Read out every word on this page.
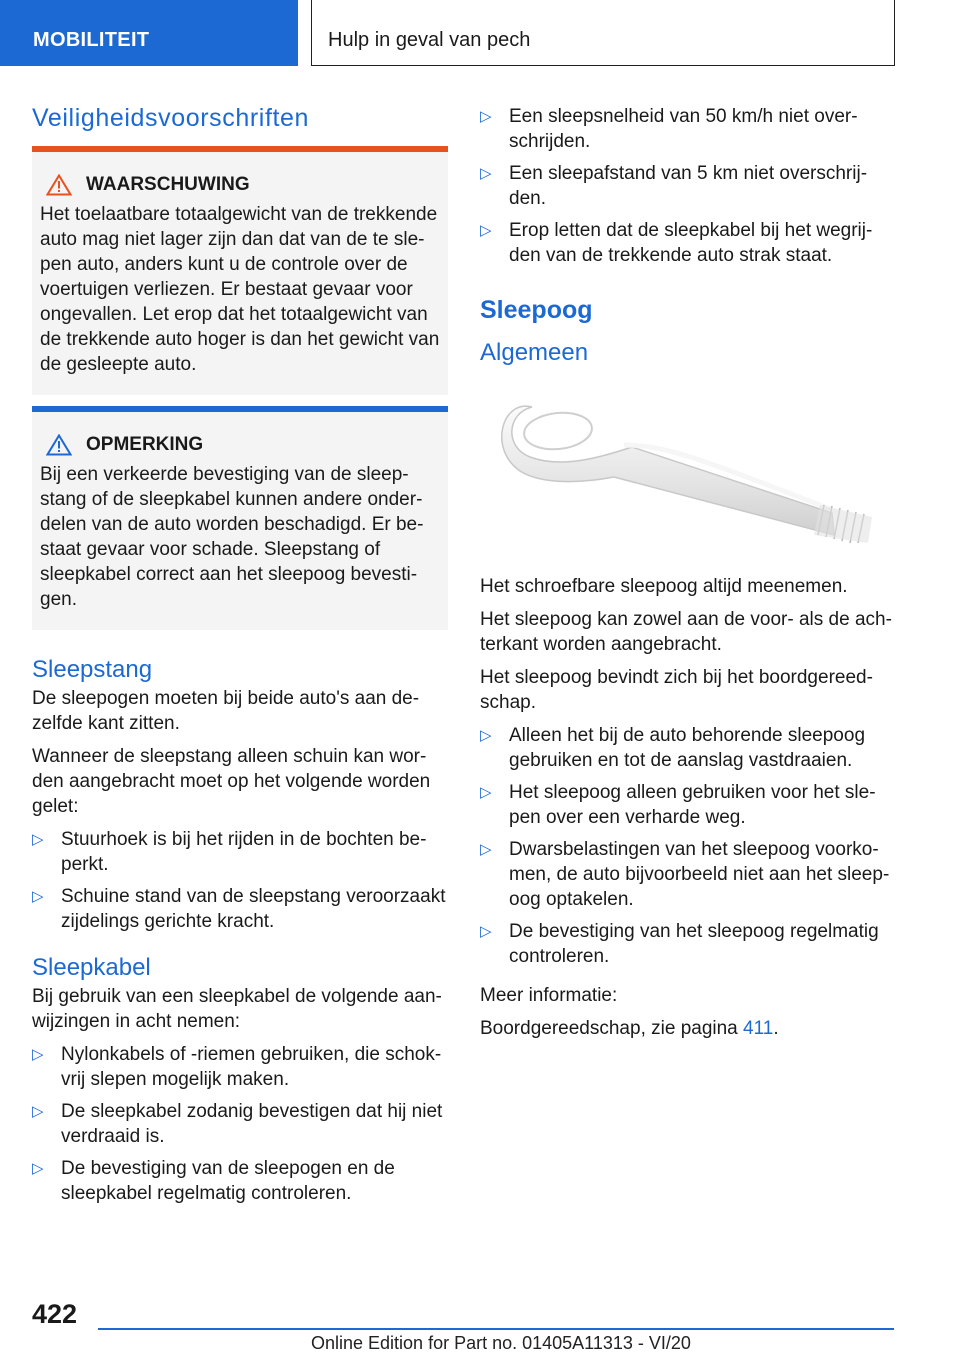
MOBILITEIT	Hulp in geval van pech
Veiligheidsvoorschriften
WAARSCHUWING
Het toelaatbare totaalgewicht van de trekkende auto mag niet lager zijn dan dat van de te slepen auto, anders kunt u de controle over de voertuigen verliezen. Er bestaat gevaar voor ongevallen. Let erop dat het totaalgewicht van de trekkende auto hoger is dan het gewicht van de gesleepte auto.
OPMERKING
Bij een verkeerde bevestiging van de sleepstang of de sleepkabel kunnen andere onderdelen van de auto worden beschadigd. Er bestaat gevaar voor schade. Sleepstang of sleepkabel correct aan het sleepoog bevestigen.
Sleepstang

De sleepogen moeten bij beide auto's aan dezelfde kant zitten.

Wanneer de sleepstang alleen schuin kan worden aangebracht moet op het volgende worden gelet:

▷ Stuurhoek is bij het rijden in de bochten beperkt.
▷ Schuine stand van de sleepstang veroorzaakt zijdelings gerichte kracht.
Sleepkabel

Bij gebruik van een sleepkabel de volgende aanwijzingen in acht nemen:

▷ Nylonkabels of -riemen gebruiken, die schokvrij slepen mogelijk maken.
▷ De sleepkabel zodanig bevestigen dat hij niet verdraaid is.
▷ De bevestiging van de sleepogen en de sleepkabel regelmatig controleren.
▷ Een sleepsnelheid van 50 km/h niet overschrijden.
▷ Een sleepafstand van 5 km niet overschrijden.
▷ Erop letten dat de sleepkabel bij het wegrijden van de trekkende auto strak staat.
Sleepoog
Algemeen

Het schroefbare sleepoog altijd meenemen.

Het sleepoog kan zowel aan de voor- als de achterkant worden aangebracht.

Het sleepoog bevindt zich bij het boordgereedschap.

▷ Alleen het bij de auto behorende sleepoog gebruiken en tot de aanslag vastdraaien.
▷ Het sleepoog alleen gebruiken voor het slepen over een verharde weg.
▷ Dwarsbelastingen van het sleepoog voorkomen, de auto bijvoorbeeld niet aan het sleepoog optakelen.
▷ De bevestiging van het sleepoog regelmatig controleren.

Meer informatie:

Boordgereedschap, zie pagina 411.

422
Online Edition for Part no. 01405A11313 - VI/20
